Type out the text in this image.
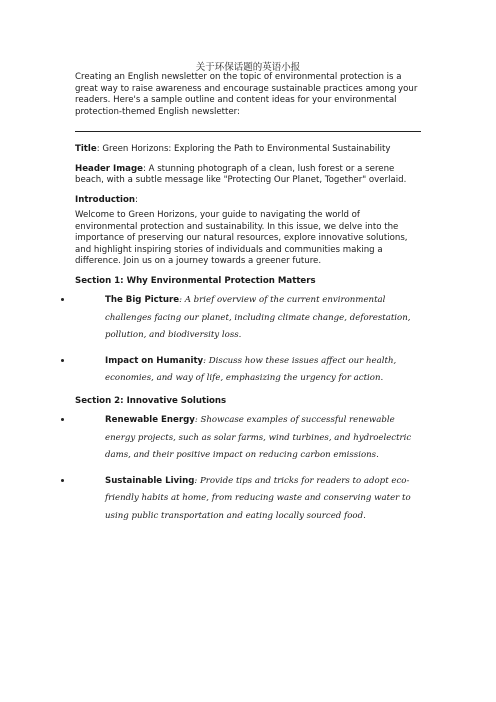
关于环保话题的英语小报

Creating an English newsletter on the topic of environmental protection is a great way to raise awareness and encourage sustainable practices among your readers. Here's a sample outline and content ideas for your environmental protection-themed English newsletter:

Title: Green Horizons: Exploring the Path to Environmental Sustainability

Header Image: A stunning photograph of a clean, lush forest or a serene beach, with a subtle message like "Protecting Our Planet, Together" overlaid.

Introduction:

Welcome to Green Horizons, your guide to navigating the world of environmental protection and sustainability. In this issue, we delve into the importance of preserving our natural resources, explore innovative solutions, and highlight inspiring stories of individuals and communities making a difference. Join us on a journey towards a greener future.

Section 1: Why Environmental Protection Matters
The Big Picture: A brief overview of the current environmental challenges facing our planet, including climate change, deforestation, pollution, and biodiversity loss.
Impact on Humanity: Discuss how these issues affect our health, economies, and way of life, emphasizing the urgency for action.
Section 2: Innovative Solutions
Renewable Energy: Showcase examples of successful renewable energy projects, such as solar farms, wind turbines, and hydroelectric dams, and their positive impact on reducing carbon emissions.
Sustainable Living: Provide tips and tricks for readers to adopt eco-friendly habits at home, from reducing waste and conserving water to using public transportation and eating locally sourced food.
